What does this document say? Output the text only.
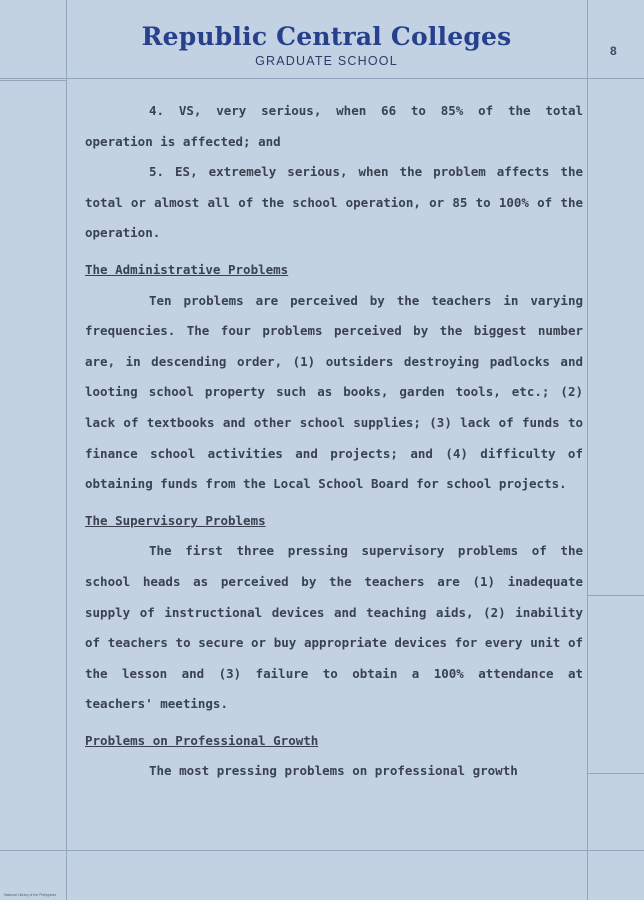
Republic Central Colleges
GRADUATE SCHOOL
8

4. VS, very serious, when 66 to 85% of the total operation is affected; and

5. ES, extremely serious, when the problem affects the total or almost all of the school operation, or 85 to 100% of the operation.

The Administrative Problems

Ten problems are perceived by the teachers in varying frequencies. The four problems perceived by the biggest number are, in descending order, (1) outsiders destroying padlocks and looting school property such as books, garden tools, etc.; (2) lack of textbooks and other school supplies; (3) lack of funds to finance school activities and projects; and (4) difficulty of obtaining funds from the Local School Board for school projects.

The Supervisory Problems

The first three pressing supervisory problems of the school heads as perceived by the teachers are (1) inadequate supply of instructional devices and teaching aids, (2) inability of teachers to secure or buy appropriate devices for every unit of the lesson and (3) failure to obtain a 100% attendance at teachers' meetings.

Problems on Professional Growth

The most pressing problems on professional growth

National Library of the Philippines
